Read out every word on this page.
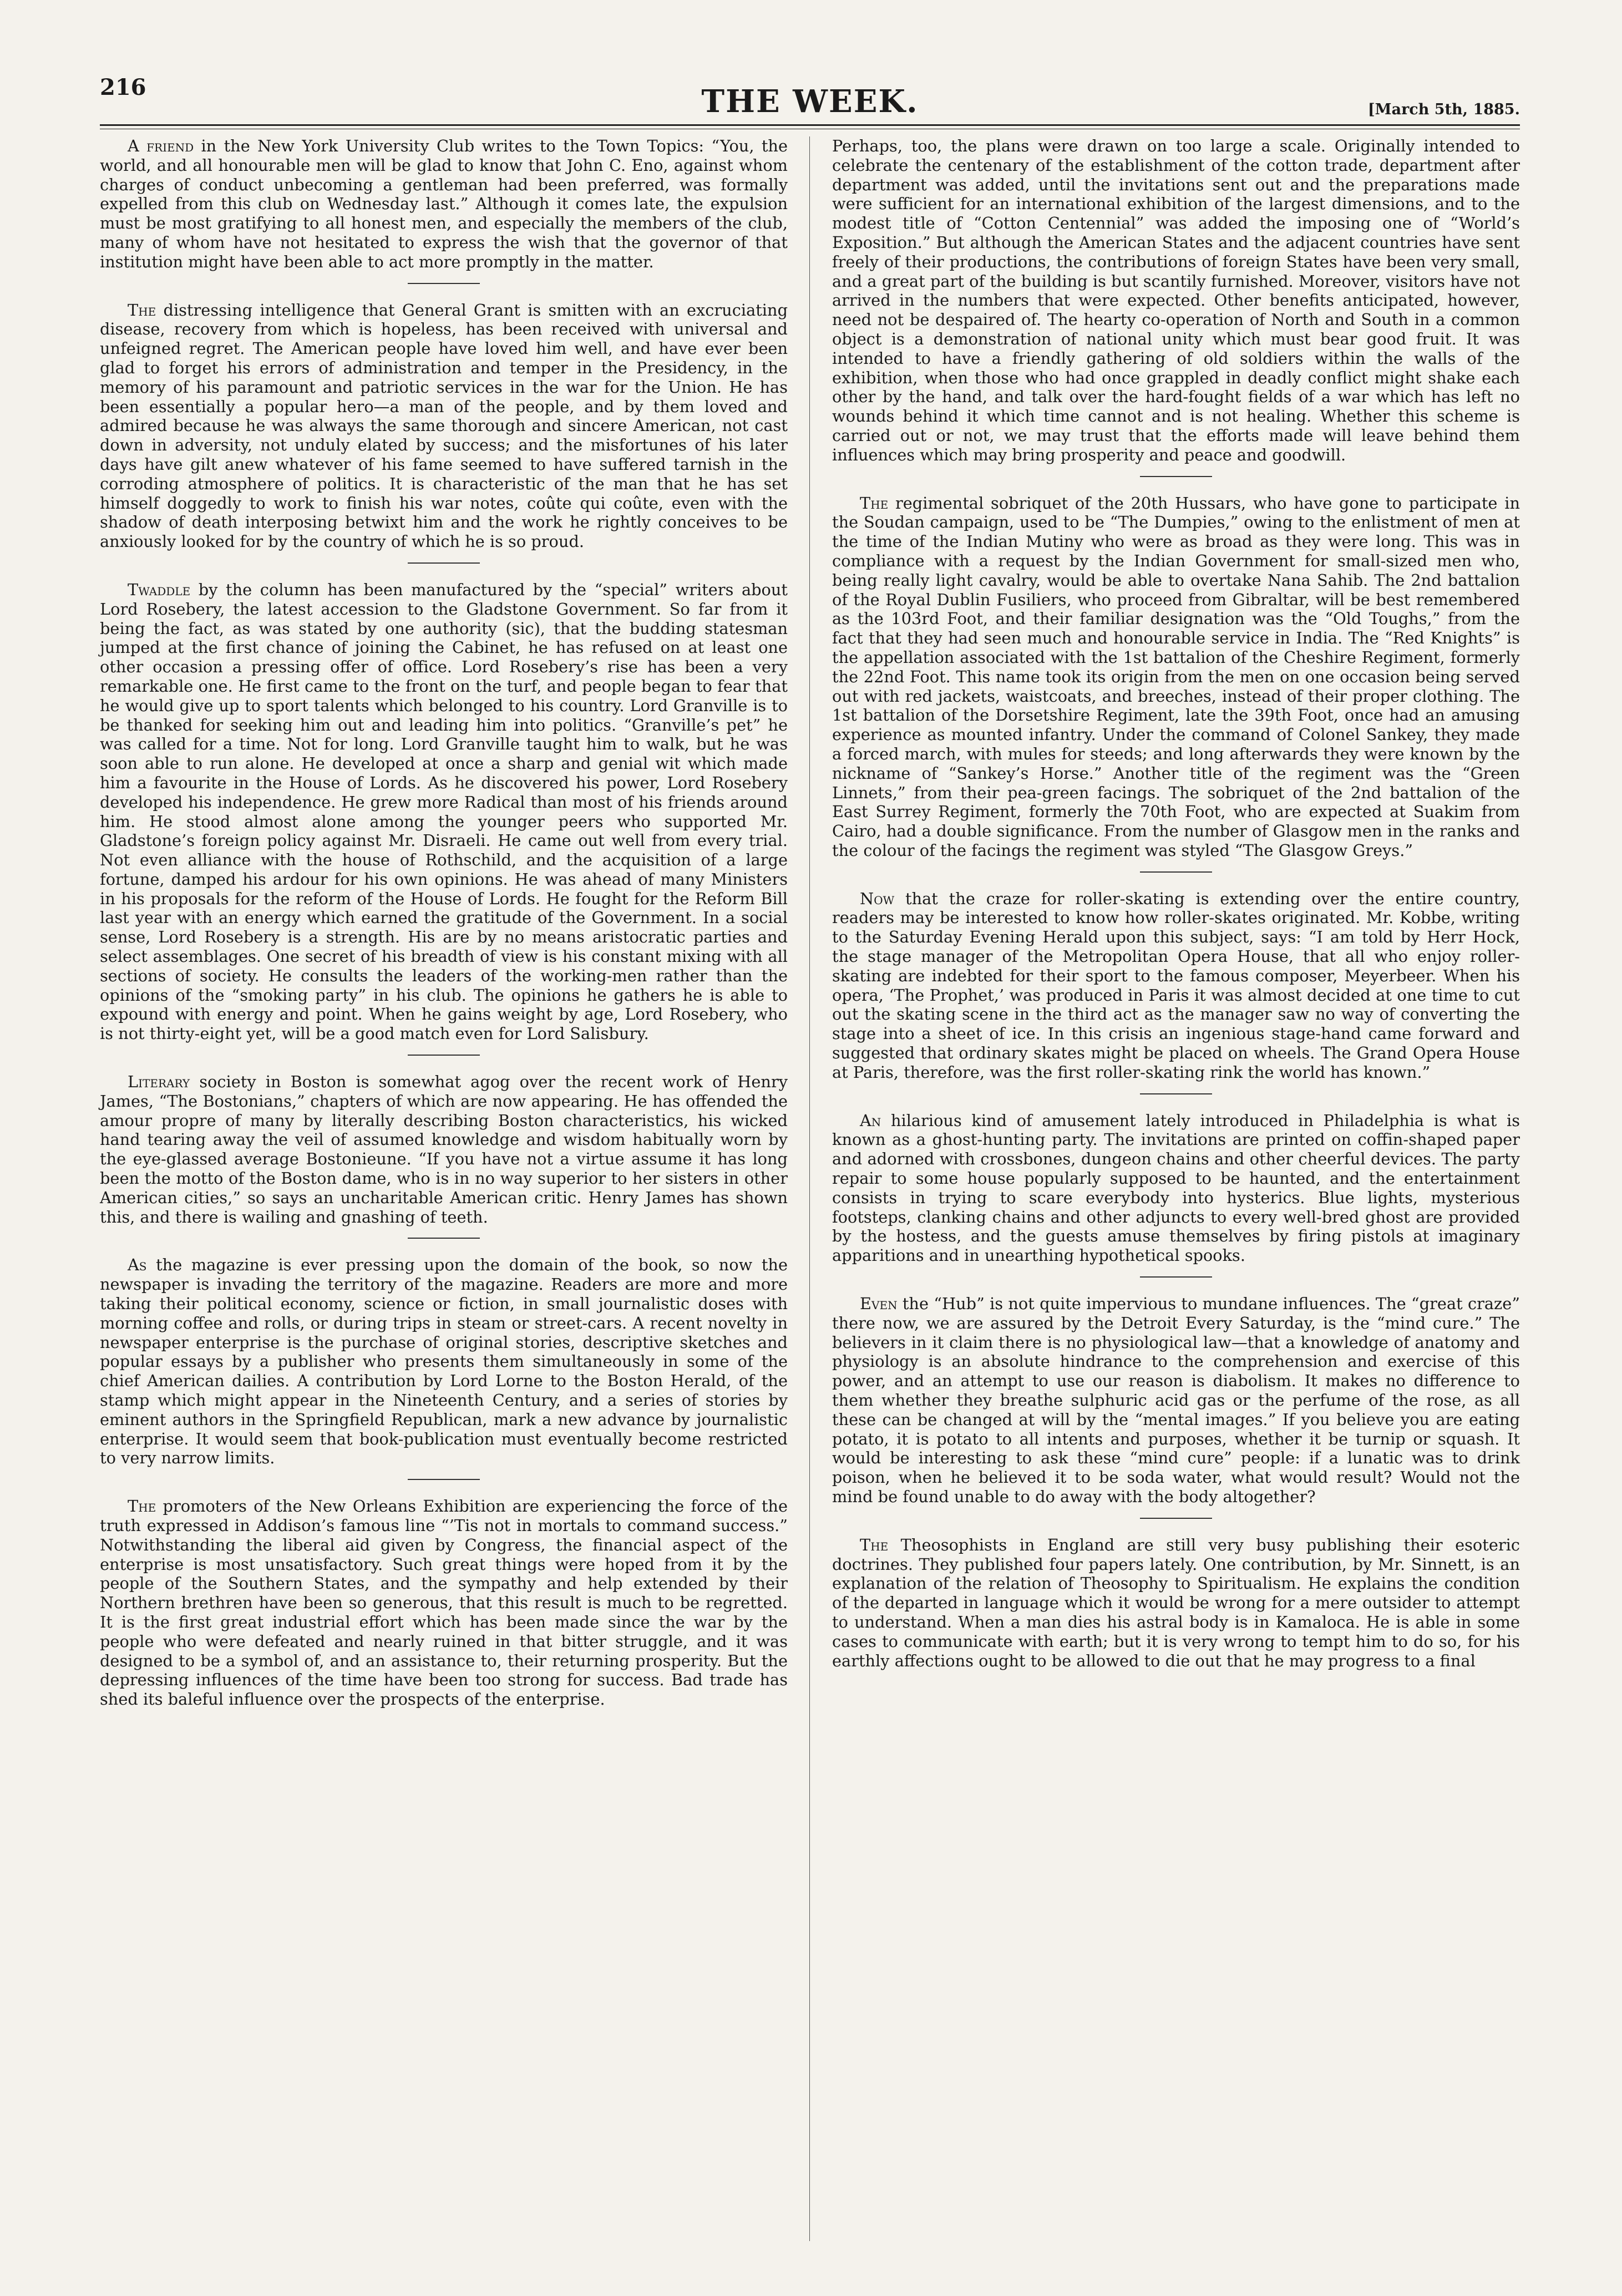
216	THE WEEK.	[March 5th, 1885.

A friend in the New York University Club writes to the Town Topics: “You, the world, and all honourable men will be glad to know that John C. Eno, against whom charges of conduct unbecoming a gentleman had been preferred, was formally expelled from this club on Wednesday last.” Although it comes late, the expulsion must be most gratifying to all honest men, and especially the members of the club, many of whom have not hesitated to express the wish that the governor of that institution might have been able to act more promptly in the matter.

The distressing intelligence that General Grant is smitten with an excruciating disease, recovery from which is hopeless, has been received with universal and unfeigned regret. The American people have loved him well, and have ever been glad to forget his errors of administration and temper in the Presidency, in the memory of his paramount and patriotic services in the war for the Union. He has been essentially a popular hero—a man of the people, and by them loved and admired because he was always the same thorough and sincere American, not cast down in adversity, not unduly elated by success; and the misfortunes of his later days have gilt anew whatever of his fame seemed to have suffered tarnish in the corroding atmosphere of politics. It is characteristic of the man that he has set himself doggedly to work to finish his war notes, coûte qui coûte, even with the shadow of death interposing betwixt him and the work he rightly conceives to be anxiously looked for by the country of which he is so proud.

Twaddle by the column has been manufactured by the “special” writers about Lord Rosebery, the latest accession to the Gladstone Government. So far from it being the fact, as was stated by one authority (sic), that the budding statesman jumped at the first chance of joining the Cabinet, he has refused on at least one other occasion a pressing offer of office. Lord Rosebery’s rise has been a very remarkable one. He first came to the front on the turf, and people began to fear that he would give up to sport talents which belonged to his country. Lord Granville is to be thanked for seeking him out and leading him into politics. “Granville’s pet” he was called for a time. Not for long. Lord Granville taught him to walk, but he was soon able to run alone. He developed at once a sharp and genial wit which made him a favourite in the House of Lords. As he discovered his power, Lord Rosebery developed his independence. He grew more Radical than most of his friends around him. He stood almost alone among the younger peers who supported Mr. Gladstone’s foreign policy against Mr. Disraeli. He came out well from every trial. Not even alliance with the house of Rothschild, and the acquisition of a large fortune, damped his ardour for his own opinions. He was ahead of many Ministers in his proposals for the reform of the House of Lords. He fought for the Reform Bill last year with an energy which earned the gratitude of the Government. In a social sense, Lord Rosebery is a strength. His are by no means aristocratic parties and select assemblages. One secret of his breadth of view is his constant mixing with all sections of society. He consults the leaders of the working-men rather than the opinions of the “smoking party” in his club. The opinions he gathers he is able to expound with energy and point. When he gains weight by age, Lord Rosebery, who is not thirty-eight yet, will be a good match even for Lord Salisbury.

Literary society in Boston is somewhat agog over the recent work of Henry James, “The Bostonians,” chapters of which are now appearing. He has offended the amour propre of many by literally describing Boston characteristics, his wicked hand tearing away the veil of assumed knowledge and wisdom habitually worn by the eye-glassed average Bostonieune. “If you have not a virtue assume it has long been the motto of the Boston dame, who is in no way superior to her sisters in other American cities,” so says an uncharitable American critic. Henry James has shown this, and there is wailing and gnashing of teeth.

As the magazine is ever pressing upon the domain of the book, so now the newspaper is invading the territory of the magazine. Readers are more and more taking their political economy, science or fiction, in small journalistic doses with morning coffee and rolls, or during trips in steam or street-cars. A recent novelty in newspaper enterprise is the purchase of original stories, descriptive sketches and popular essays by a publisher who presents them simultaneously in some of the chief American dailies. A contribution by Lord Lorne to the Boston Herald, of the stamp which might appear in the Nineteenth Century, and a series of stories by eminent authors in the Springfield Republican, mark a new advance by journalistic enterprise. It would seem that book-publication must eventually become restricted to very narrow limits.

The promoters of the New Orleans Exhibition are experiencing the force of the truth expressed in Addison’s famous line “’Tis not in mortals to command success.” Notwithstanding the liberal aid given by Congress, the financial aspect of the enterprise is most unsatisfactory. Such great things were hoped from it by the people of the Southern States, and the sympathy and help extended by their Northern brethren have been so generous, that this result is much to be regretted. It is the first great industrial effort which has been made since the war by the people who were defeated and nearly ruined in that bitter struggle, and it was designed to be a symbol of, and an assistance to, their returning prosperity. But the depressing influences of the time have been too strong for success. Bad trade has shed its baleful influence over the prospects of the enterprise.

Perhaps, too, the plans were drawn on too large a scale. Originally intended to celebrate the centenary of the establishment of the cotton trade, department after department was added, until the invitations sent out and the preparations made were sufficient for an international exhibition of the largest dimensions, and to the modest title of “Cotton Centennial” was added the imposing one of “World’s Exposition.” But although the American States and the adjacent countries have sent freely of their productions, the contributions of foreign States have been very small, and a great part of the building is but scantily furnished. Moreover, visitors have not arrived in the numbers that were expected. Other benefits anticipated, however, need not be despaired of. The hearty co-operation of North and South in a common object is a demonstration of national unity which must bear good fruit. It was intended to have a friendly gathering of old soldiers within the walls of the exhibition, when those who had once grappled in deadly conflict might shake each other by the hand, and talk over the hard-fought fields of a war which has left no wounds behind it which time cannot and is not healing. Whether this scheme is carried out or not, we may trust that the efforts made will leave behind them influences which may bring prosperity and peace and goodwill.

The regimental sobriquet of the 20th Hussars, who have gone to participate in the Soudan campaign, used to be “The Dumpies,” owing to the enlistment of men at the time of the Indian Mutiny who were as broad as they were long. This was in compliance with a request by the Indian Government for small-sized men who, being really light cavalry, would be able to overtake Nana Sahib. The 2nd battalion of the Royal Dublin Fusiliers, who proceed from Gibraltar, will be best remembered as the 103rd Foot, and their familiar designation was the “Old Toughs,” from the fact that they had seen much and honourable service in India. The “Red Knights” is the appellation associated with the 1st battalion of the Cheshire Regiment, formerly the 22nd Foot. This name took its origin from the men on one occasion being served out with red jackets, waistcoats, and breeches, instead of their proper clothing. The 1st battalion of the Dorsetshire Regiment, late the 39th Foot, once had an amusing experience as mounted infantry. Under the command of Colonel Sankey, they made a forced march, with mules for steeds; and long afterwards they were known by the nickname of “Sankey’s Horse.” Another title of the regiment was the “Green Linnets,” from their pea-green facings. The sobriquet of the 2nd battalion of the East Surrey Regiment, formerly the 70th Foot, who are expected at Suakim from Cairo, had a double significance. From the number of Glasgow men in the ranks and the colour of the facings the regiment was styled “The Glasgow Greys.”

Now that the craze for roller-skating is extending over the entire country, readers may be interested to know how roller-skates originated. Mr. Kobbe, writing to the Saturday Evening Herald upon this subject, says: “I am told by Herr Hock, the stage manager of the Metropolitan Opera House, that all who enjoy roller-skating are indebted for their sport to the famous composer, Meyerbeer. When his opera, ‘The Prophet,’ was produced in Paris it was almost decided at one time to cut out the skating scene in the third act as the manager saw no way of converting the stage into a sheet of ice. In this crisis an ingenious stage-hand came forward and suggested that ordinary skates might be placed on wheels. The Grand Opera House at Paris, therefore, was the first roller-skating rink the world has known.”

An hilarious kind of amusement lately introduced in Philadelphia is what is known as a ghost-hunting party. The invitations are printed on coffin-shaped paper and adorned with crossbones, dungeon chains and other cheerful devices. The party repair to some house popularly supposed to be haunted, and the entertainment consists in trying to scare everybody into hysterics. Blue lights, mysterious footsteps, clanking chains and other adjuncts to every well-bred ghost are provided by the hostess, and the guests amuse themselves by firing pistols at imaginary apparitions and in unearthing hypothetical spooks.

Even the “Hub” is not quite impervious to mundane influences. The “great craze” there now, we are assured by the Detroit Every Saturday, is the “mind cure.” The believers in it claim there is no physiological law—that a knowledge of anatomy and physiology is an absolute hindrance to the comprehension and exercise of this power, and an attempt to use our reason is diabolism. It makes no difference to them whether they breathe sulphuric acid gas or the perfume of the rose, as all these can be changed at will by the “mental images.” If you believe you are eating potato, it is potato to all intents and purposes, whether it be turnip or squash. It would be interesting to ask these “mind cure” people: if a lunatic was to drink poison, when he believed it to be soda water, what would result? Would not the mind be found unable to do away with the body altogether?

The Theosophists in England are still very busy publishing their esoteric doctrines. They published four papers lately. One contribution, by Mr. Sinnett, is an explanation of the relation of Theosophy to Spiritualism. He explains the condition of the departed in language which it would be wrong for a mere outsider to attempt to understand. When a man dies his astral body is in Kamaloca. He is able in some cases to communicate with earth; but it is very wrong to tempt him to do so, for his earthly affections ought to be allowed to die out that he may progress to a final
